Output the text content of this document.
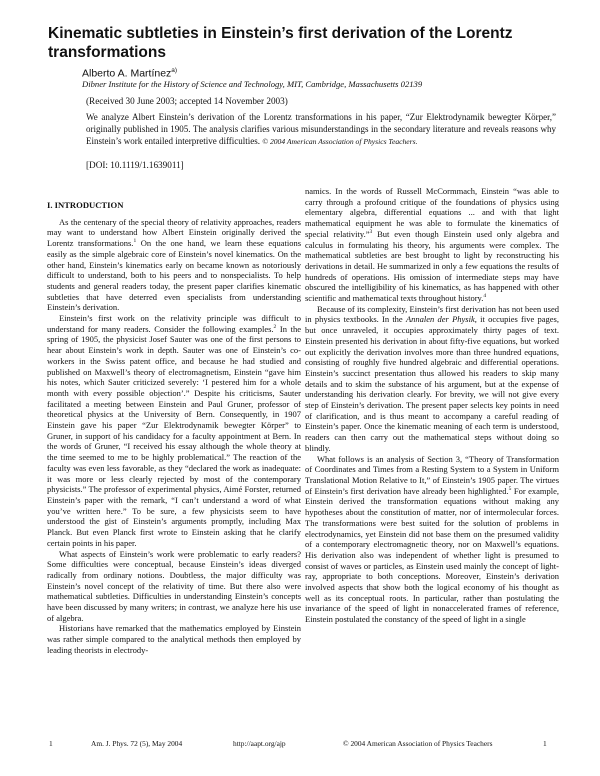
Kinematic subtleties in Einstein’s first derivation of the Lorentz transformations

Alberto A. Martínez$^{a)}$

Dibner Institute for the History of Science and Technology, MIT, Cambridge, Massachusetts 02139

(Received 30 June 2003; accepted 14 November 2003)

We analyze Albert Einstein’s derivation of the Lorentz transformations in his paper, “Zur Elektrodynamik bewegter Körper,” originally published in 1905. The analysis clarifies various misunderstandings in the secondary literature and reveals reasons why Einstein’s work entailed interpretive difficulties. © 2004 American Association of Physics Teachers.

[DOI: 10.1119/1.1639011]

I. INTRODUCTION

As the centenary of the special theory of relativity approaches, readers may want to understand how Albert Einstein originally derived the Lorentz transformations.$^1$ On the one hand, we learn these equations easily as the simple algebraic core of Einstein’s novel kinematics. On the other hand, Einstein’s kinematics early on became known as notoriously difficult to understand, both to his peers and to nonspecialists. To help students and general readers today, the present paper clarifies kinematic subtleties that have deterred even specialists from understanding Einstein’s derivation.

Einstein’s first work on the relativity principle was difficult to understand for many readers. Consider the following examples.$^2$ In the spring of 1905, the physicist Josef Sauter was one of the first persons to hear about Einstein’s work in depth. Sauter was one of Einstein’s co-workers in the Swiss patent office, and because he had studied and published on Maxwell’s theory of electromagnetism, Einstein “gave him his notes, which Sauter criticized severely: ‘I pestered him for a whole month with every possible objection’.” Despite his criticisms, Sauter facilitated a meeting between Einstein and Paul Gruner, professor of theoretical physics at the University of Bern. Consequently, in 1907 Einstein gave his paper “Zur Elektrodynamik bewegter Körper” to Gruner, in support of his candidacy for a faculty appointment at Bern. In the words of Gruner, “I received his essay although the whole theory at the time seemed to me to be highly problematical.” The reaction of the faculty was even less favorable, as they “declared the work as inadequate: it was more or less clearly rejected by most of the contemporary physicists.” The professor of experimental physics, Aimé Forster, returned Einstein’s paper with the remark, “I can’t understand a word of what you’ve written here.” To be sure, a few physicists seem to have understood the gist of Einstein’s arguments promptly, including Max Planck. But even Planck first wrote to Einstein asking that he clarify certain points in his paper.

What aspects of Einstein’s work were problematic to early readers? Some difficulties were conceptual, because Einstein’s ideas diverged radically from ordinary notions. Doubtless, the major difficulty was Einstein’s novel concept of the relativity of time. But there also were mathematical subtleties. Difficulties in understanding Einstein’s concepts have been discussed by many writers; in contrast, we analyze here his use of algebra.

Historians have remarked that the mathematics employed by Einstein was rather simple compared to the analytical methods then employed by leading theorists in electrody-

namics. In the words of Russell McCormmach, Einstein “was able to carry through a profound critique of the foundations of physics using elementary algebra, differential equations ... and with that light mathematical equipment he was able to formulate the kinematics of special relativity.”$^3$ But even though Einstein used only algebra and calculus in formulating his theory, his arguments were complex. The mathematical subtleties are best brought to light by reconstructing his derivations in detail. He summarized in only a few equations the results of hundreds of operations. His omission of intermediate steps may have obscured the intelligibility of his kinematics, as has happened with other scientific and mathematical texts throughout history.$^4$

Because of its complexity, Einstein’s first derivation has not been used in physics textbooks. In the Annalen der Physik, it occupies five pages, but once unraveled, it occupies approximately thirty pages of text. Einstein presented his derivation in about fifty-five equations, but worked out explicitly the derivation involves more than three hundred equations, consisting of roughly five hundred algebraic and differential operations. Einstein’s succinct presentation thus allowed his readers to skip many details and to skim the substance of his argument, but at the expense of understanding his derivation clearly. For brevity, we will not give every step of Einstein’s derivation. The present paper selects key points in need of clarification, and is thus meant to accompany a careful reading of Einstein’s paper. Once the kinematic meaning of each term is understood, readers can then carry out the mathematical steps without doing so blindly.

What follows is an analysis of Section 3, “Theory of Transformation of Coordinates and Times from a Resting System to a System in Uniform Translational Motion Relative to It,” of Einstein’s 1905 paper. The virtues of Einstein’s first derivation have already been highlighted.$^5$ For example, Einstein derived the transformation equations without making any hypotheses about the constitution of matter, nor of intermolecular forces. The transformations were best suited for the solution of problems in electrodynamics, yet Einstein did not base them on the presumed validity of a contemporary electromagnetic theory, nor on Maxwell’s equations. His derivation also was independent of whether light is presumed to consist of waves or particles, as Einstein used mainly the concept of light-ray, appropriate to both conceptions. Moreover, Einstein’s derivation involved aspects that show both the logical economy of his thought as well as its conceptual roots. In particular, rather than postulating the invariance of the speed of light in nonaccelerated frames of reference, Einstein postulated the constancy of the speed of light in a single

1	Am. J. Phys. 72 (5), May 2004	http://aapt.org/ajp	© 2004 American Association of Physics Teachers	1
